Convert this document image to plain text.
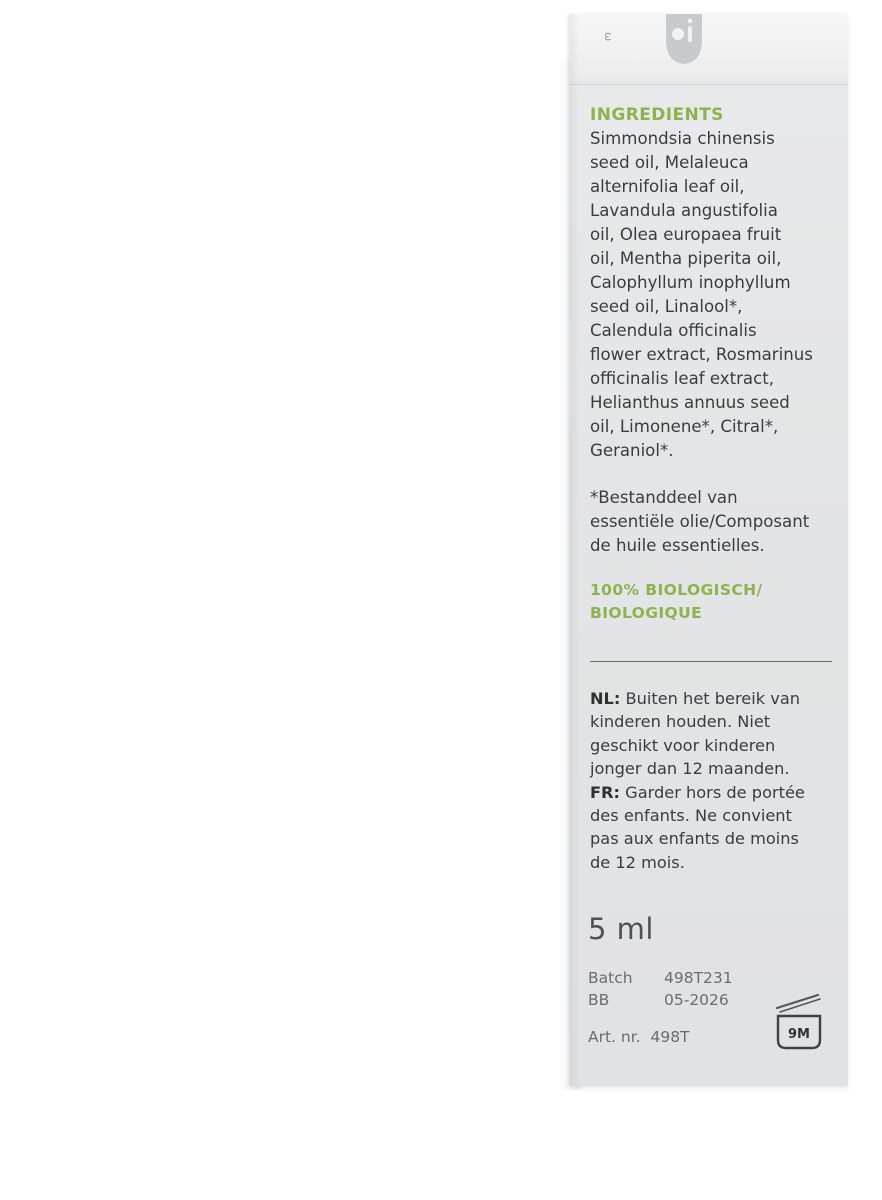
ω
INGREDIENTS
Simmondsia chinensis
seed oil, Melaleuca
alternifolia leaf oil,
Lavandula angustifolia
oil, Olea europaea fruit
oil, Mentha piperita oil,
Calophyllum inophyllum
seed oil, Linalool*,
Calendula officinalis
flower extract, Rosmarinus
officinalis leaf extract,
Helianthus annuus seed
oil, Limonene*, Citral*,
Geraniol*.
*Bestanddeel van
essentiële olie/Composant
de huile essentielles.
100% BIOLOGISCH/
BIOLOGIQUE
NL: Buiten het bereik van
kinderen houden. Niet
geschikt voor kinderen
jonger dan 12 maanden.
FR: Garder hors de portée
des enfants. Ne convient
pas aux enfants de moins
de 12 mois.
5 ml
Batch 498T231
BB	05-2026
Art. nr. 498T	9M
